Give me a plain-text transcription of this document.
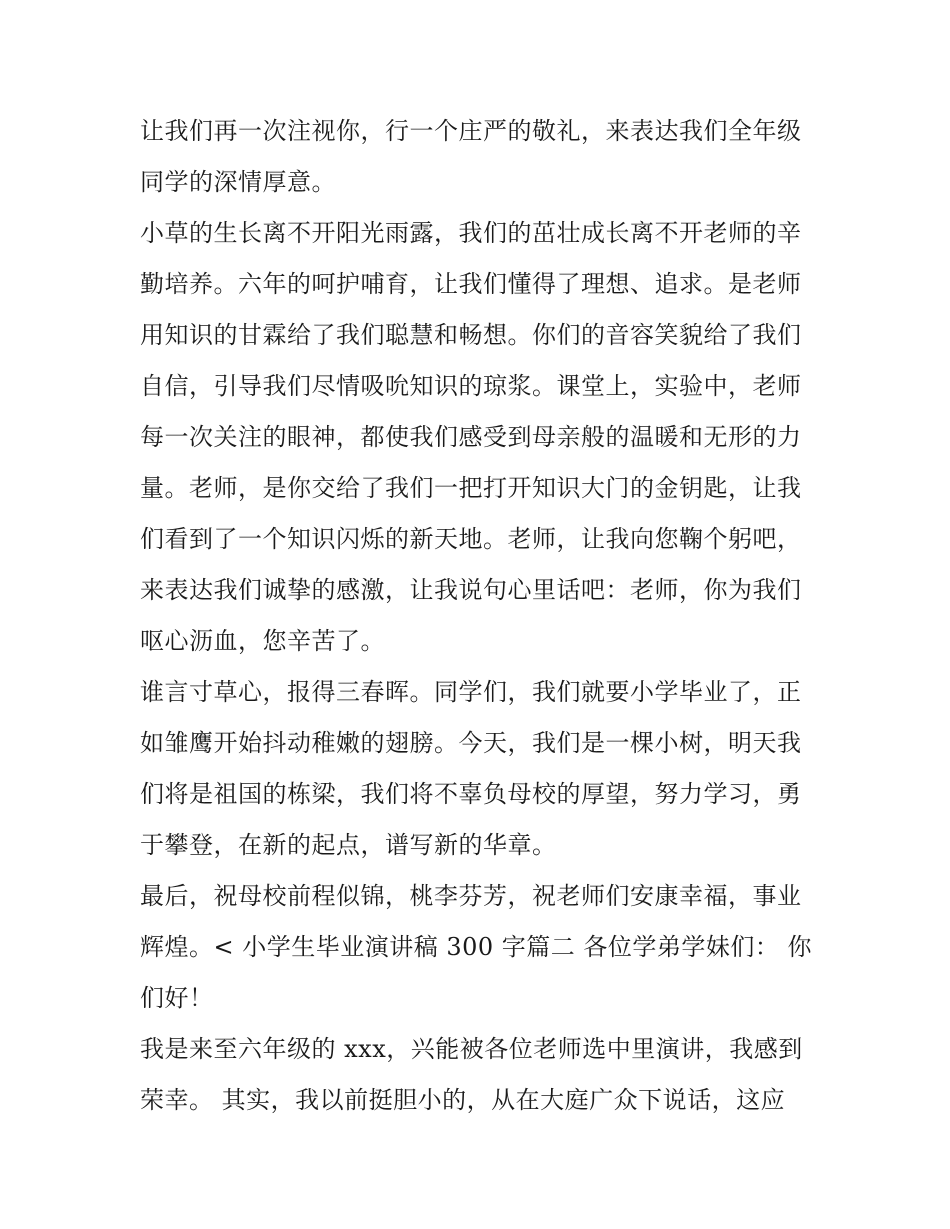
让我们再一次注视你，行一个庄严的敬礼，来表达我们全年级
同学的深情厚意。
小草的生长离不开阳光雨露，我们的茁壮成长离不开老师的辛
勤培养。六年的呵护哺育，让我们懂得了理想、追求。是老师
用知识的甘霖给了我们聪慧和畅想。你们的音容笑貌给了我们
自信，引导我们尽情吸吮知识的琼浆。课堂上，实验中，老师
每一次关注的眼神，都使我们感受到母亲般的温暖和无形的力
量。老师，是你交给了我们一把打开知识大门的金钥匙，让我
们看到了一个知识闪烁的新天地。老师，让我向您鞠个躬吧，
来表达我们诚挚的感激，让我说句心里话吧：老师，你为我们
呕心沥血，您辛苦了。
谁言寸草心，报得三春晖。同学们，我们就要小学毕业了，正
如雏鹰开始抖动稚嫩的翅膀。今天，我们是一棵小树，明天我
们将是祖国的栋梁，我们将不辜负母校的厚望，努力学习，勇
于攀登，在新的起点，谱写新的华章。
最后，祝母校前程似锦，桃李芬芳，祝老师们安康幸福，事业
辉煌。< 小学生毕业演讲稿 300 字篇二 各位学弟学妹们： 你
们好！
我是来至六年级的 xxx，兴能被各位老师选中里演讲，我感到
荣幸。 其实，我以前挺胆小的，从在大庭广众下说话，这应
